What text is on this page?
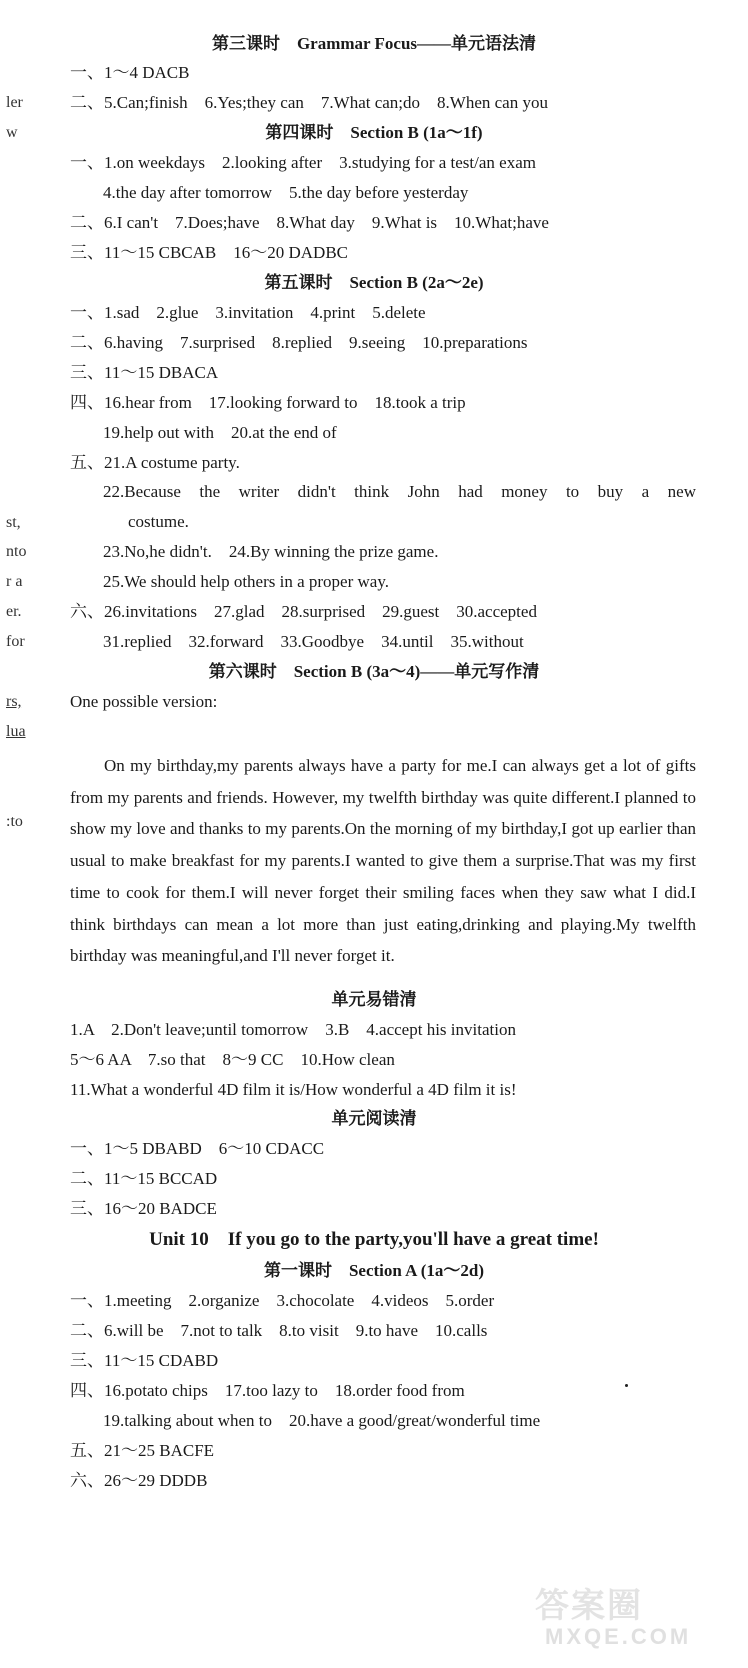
ler
w
st,
nto
r a
er.
for
rs,
lua
:to
第三课时　Grammar Focus——单元语法清
一、1～4 DACB
二、5.Can;finish　6.Yes;they can　7.What can;do　8.When can you
第四课时　Section B (1a～1f)
一、1.on weekdays　2.looking after　3.studying for a test/an exam
4.the day after tomorrow　5.the day before yesterday
二、6.I can't　7.Does;have　8.What day　9.What is　10.What;have
三、11～15 CBCAB　16～20 DADBC
第五课时　Section B (2a～2e)
一、1.sad　2.glue　3.invitation　4.print　5.delete
二、6.having　7.surprised　8.replied　9.seeing　10.preparations
三、11～15 DBACA
四、16.hear from　17.looking forward to　18.took a trip
19.help out with　20.at the end of
五、21.A costume party.
22.Because the writer didn't think John had money to buy a new
costume.
23.No,he didn't.　24.By winning the prize game.
25.We should help others in a proper way.
六、26.invitations　27.glad　28.surprised　29.guest　30.accepted
31.replied　32.forward　33.Goodbye　34.until　35.without
第六课时　Section B (3a～4)——单元写作清
One possible version:

On my birthday,my parents always have a party for me.I can always get a lot of gifts from my parents and friends. However, my twelfth birthday was quite different.I planned to show my love and thanks to my parents.On the morning of my birthday,I got up earlier than usual to make breakfast for my parents.I wanted to give them a surprise.That was my first time to cook for them.I will never forget their smiling faces when they saw what I did.I think birthdays can mean a lot more than just eating,drinking and playing.My twelfth birthday was meaningful,and I'll never forget it.

单元易错清
1.A　2.Don't leave;until tomorrow　3.B　4.accept his invitation
5～6 AA　7.so that　8～9 CC　10.How clean
11.What a wonderful 4D film it is/How wonderful a 4D film it is!
单元阅读清
一、1～5 DBABD　6～10 CDACC
二、11～15 BCCAD
三、16～20 BADCE
Unit 10　If you go to the party,you'll have a great time!
第一课时　Section A (1a～2d)
一、1.meeting　2.organize　3.chocolate　4.videos　5.order
二、6.will be　7.not to talk　8.to visit　9.to have　10.calls
三、11～15 CDABD
四、16.potato chips　17.too lazy to　18.order food from
19.talking about when to　20.have a good/great/wonderful time
五、21～25 BACFE
六、26～29 DDDB
答案圈
MXQE.COM
